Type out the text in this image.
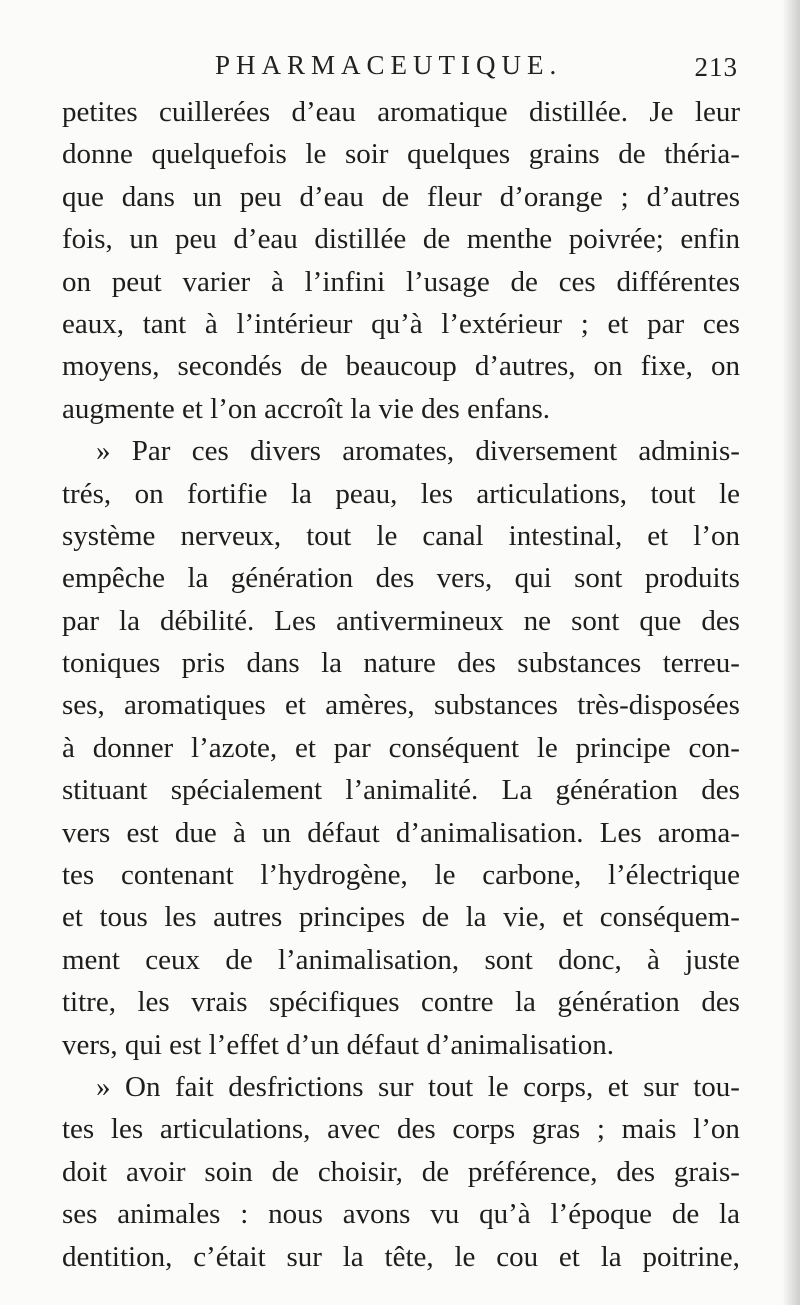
PHARMACEUTIQUE.	213
petites cuillerées d’eau aromatique distillée. Je leur
donne quelquefois le soir quelques grains de théria-
que dans un peu d’eau de fleur d’orange ; d’autres
fois, un peu d’eau distillée de menthe poivrée; enfin
on peut varier à l’infini l’usage de ces différentes
eaux, tant à l’intérieur qu’à l’extérieur ; et par ces
moyens, secondés de beaucoup d’autres, on fixe, on
augmente et l’on accroît la vie des enfans.
» Par ces divers aromates, diversement adminis-
trés, on fortifie la peau, les articulations, tout le
système nerveux, tout le canal intestinal, et l’on
empêche la génération des vers, qui sont produits
par la débilité. Les antivermineux ne sont que des
toniques pris dans la nature des substances terreu-
ses, aromatiques et amères, substances très-disposées
à donner l’azote, et par conséquent le principe con-
stituant spécialement l’animalité. La génération des
vers est due à un défaut d’animalisation. Les aroma-
tes contenant l’hydrogène, le carbone, l’électrique
et tous les autres principes de la vie, et conséquem-
ment ceux de l’animalisation, sont donc, à juste
titre, les vrais spécifiques contre la génération des
vers, qui est l’effet d’un défaut d’animalisation.
» On fait desfrictions sur tout le corps, et sur tou-
tes les articulations, avec des corps gras ; mais l’on
doit avoir soin de choisir, de préférence, des grais-
ses animales : nous avons vu qu’à l’époque de la
dentition, c’était sur la tête, le cou et la poitrine,
